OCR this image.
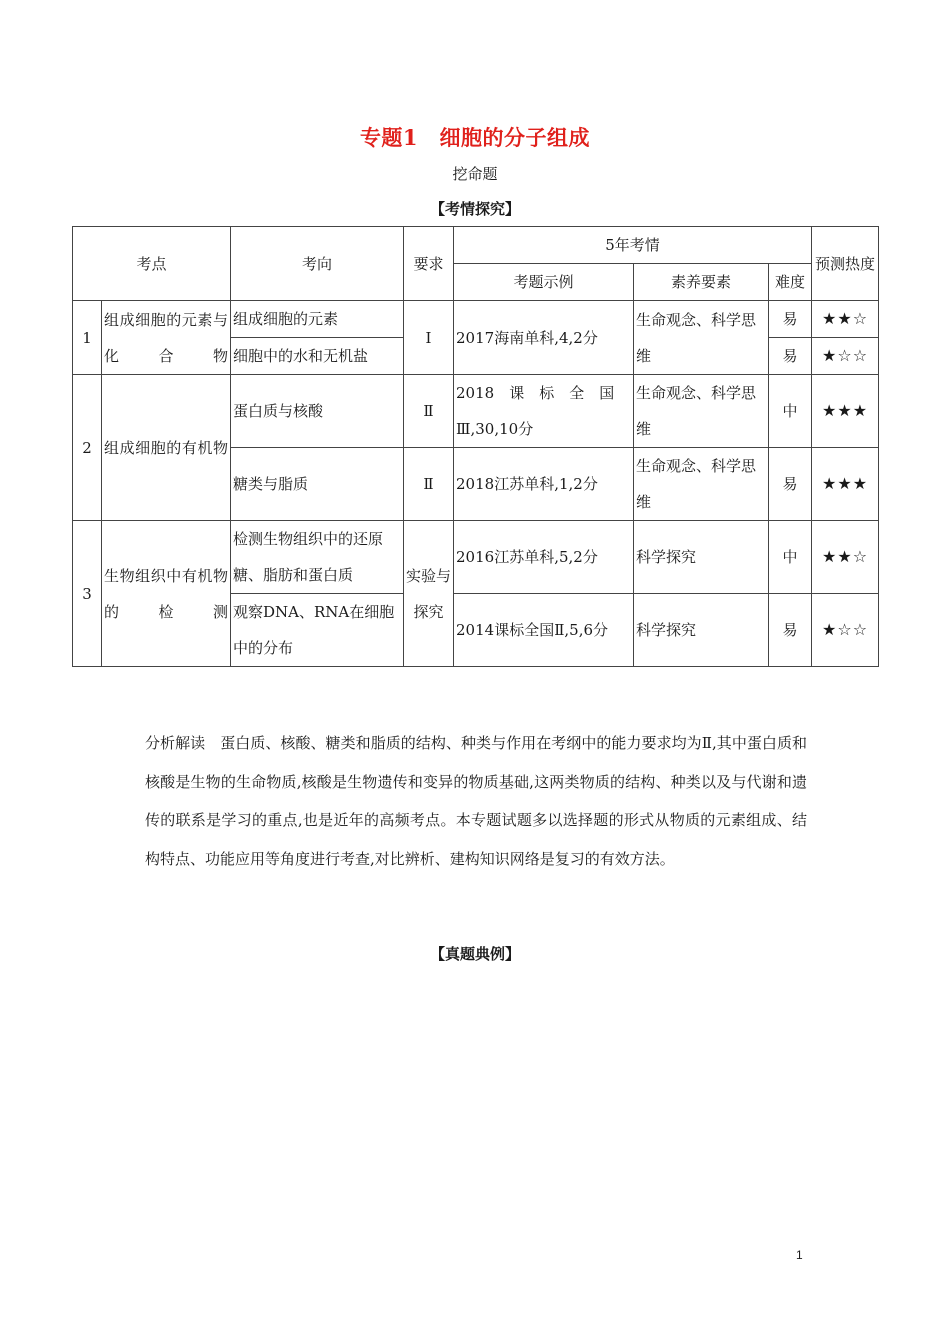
专题1　细胞的分子组成
挖命题
【考情探究】
考点		考向	要求	5年考情			预测热度
				考题示例	素养要素	难度	
1	组成细胞的元素与化合物	组成细胞的元素	Ⅰ	2017海南单科,4,2分	生命观念、科学思维	易	★★☆
		细胞中的水和无机盐				易	★☆☆
2	组成细胞的有机物	蛋白质与核酸	Ⅱ	2018　课　标　全　国Ⅲ,30,10分	生命观念、科学思维	中	★★★
		糖类与脂质	Ⅱ	2018江苏单科,1,2分	生命观念、科学思维	易	★★★
3	生物组织中有机物的检测	检测生物组织中的还原糖、脂肪和蛋白质	实验与探究	2016江苏单科,5,2分	科学探究	中	★★☆
		观察DNA、RNA在细胞中的分布		2014课标全国Ⅱ,5,6分	科学探究	易	★☆☆
分析解读　蛋白质、核酸、糖类和脂质的结构、种类与作用在考纲中的能力要求均为Ⅱ,其中蛋白质和核酸是生物的生命物质,核酸是生物遗传和变异的物质基础,这两类物质的结构、种类以及与代谢和遗传的联系是学习的重点,也是近年的高频考点。本专题试题多以选择题的形式从物质的元素组成、结构特点、功能应用等角度进行考查,对比辨析、建构知识网络是复习的有效方法。
【真题典例】
1
